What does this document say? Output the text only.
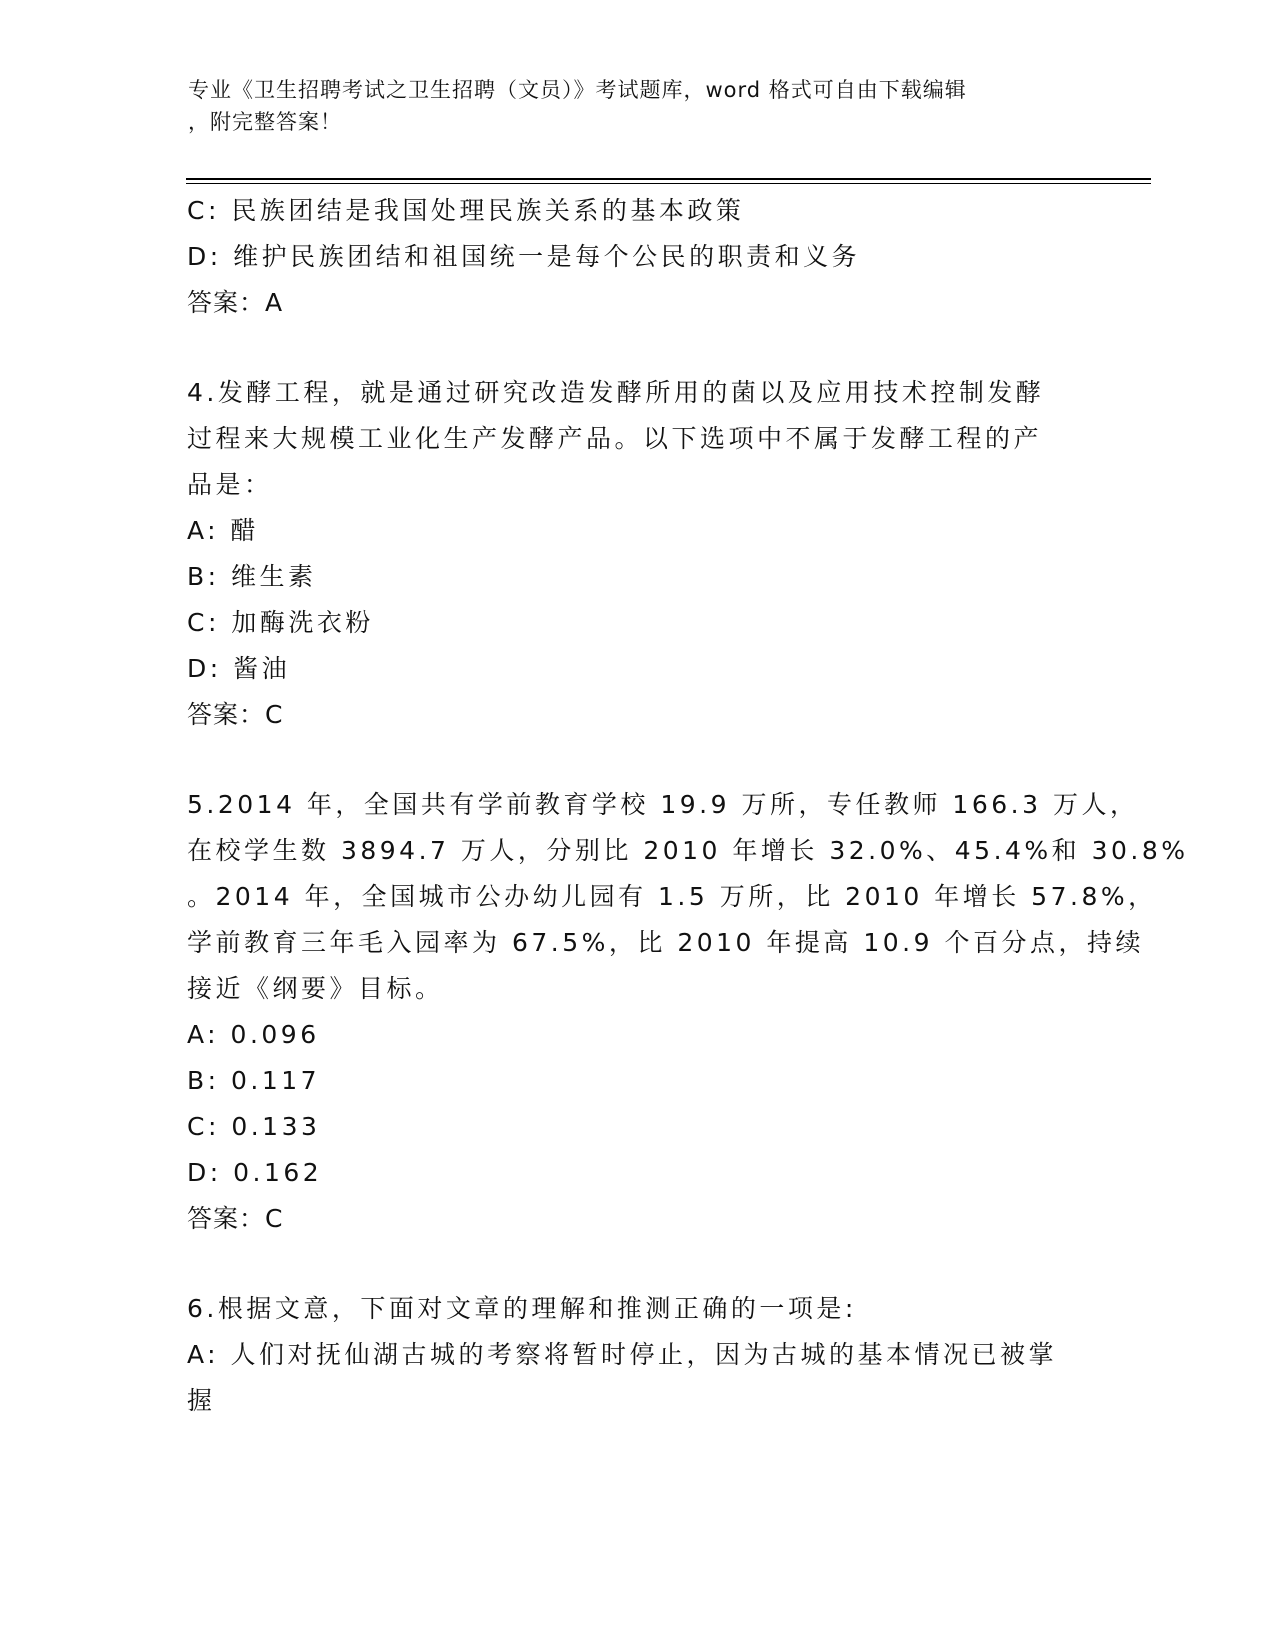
专业《卫生招聘考试之卫生招聘（文员）》考试题库，word 格式可自由下载编辑
，附完整答案！
C: 民族团结是我国处理民族关系的基本政策
D: 维护民族团结和祖国统一是每个公民的职责和义务
答案：A
4.发酵工程，就是通过研究改造发酵所用的菌以及应用技术控制发酵
过程来大规模工业化生产发酵产品。以下选项中不属于发酵工程的产
品是：
A: 醋
B: 维生素
C: 加酶洗衣粉
D: 酱油
答案：C
5.2014 年，全国共有学前教育学校 19.9 万所，专任教师 166.3 万人，
在校学生数 3894.7 万人，分别比 2010 年增长 32.0%、45.4%和 30.8%
。2014 年，全国城市公办幼儿园有 1.5 万所，比 2010 年增长 57.8%，
学前教育三年毛入园率为 67.5%，比 2010 年提高 10.9 个百分点，持续
接近《纲要》目标。
A: 0.096
B: 0.117
C: 0.133
D: 0.162
答案：C
6.根据文意，下面对文章的理解和推测正确的一项是:
A: 人们对抚仙湖古城的考察将暂时停止，因为古城的基本情况已被掌
握
